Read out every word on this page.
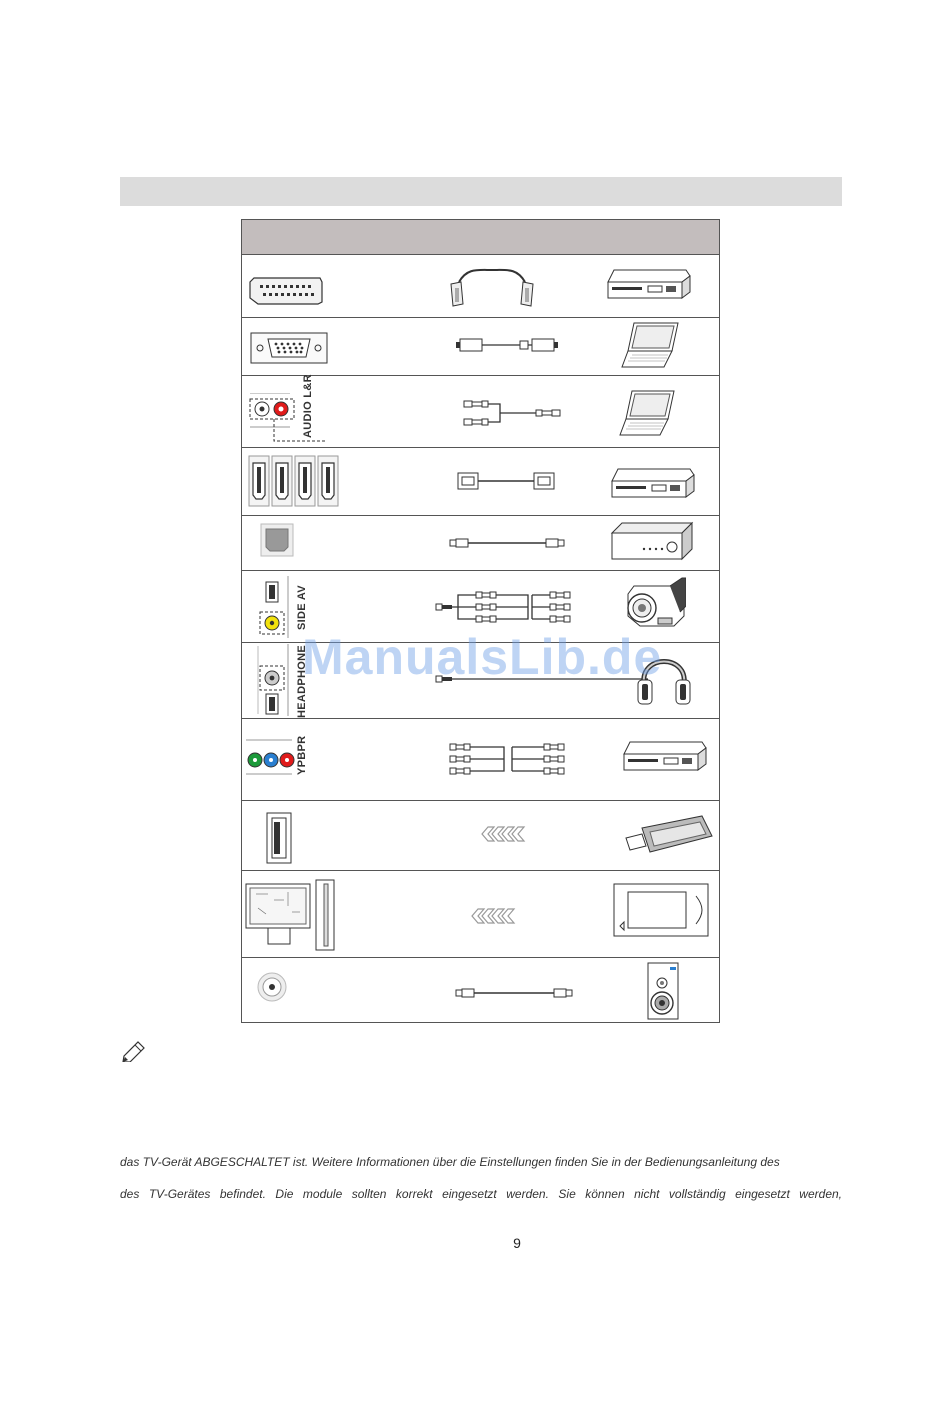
AUDIO L&R
SIDE AV
HEADPHONE
YPBPR
ManualsLib.de
das TV-Gerät ABGESCHALTET ist. Weitere Informationen über die Einstellungen finden Sie in der Bedienungsanleitung des
des TV-Gerätes befindet. Die module sollten korrekt eingesetzt werden. Sie können nicht vollständig eingesetzt werden,
9
